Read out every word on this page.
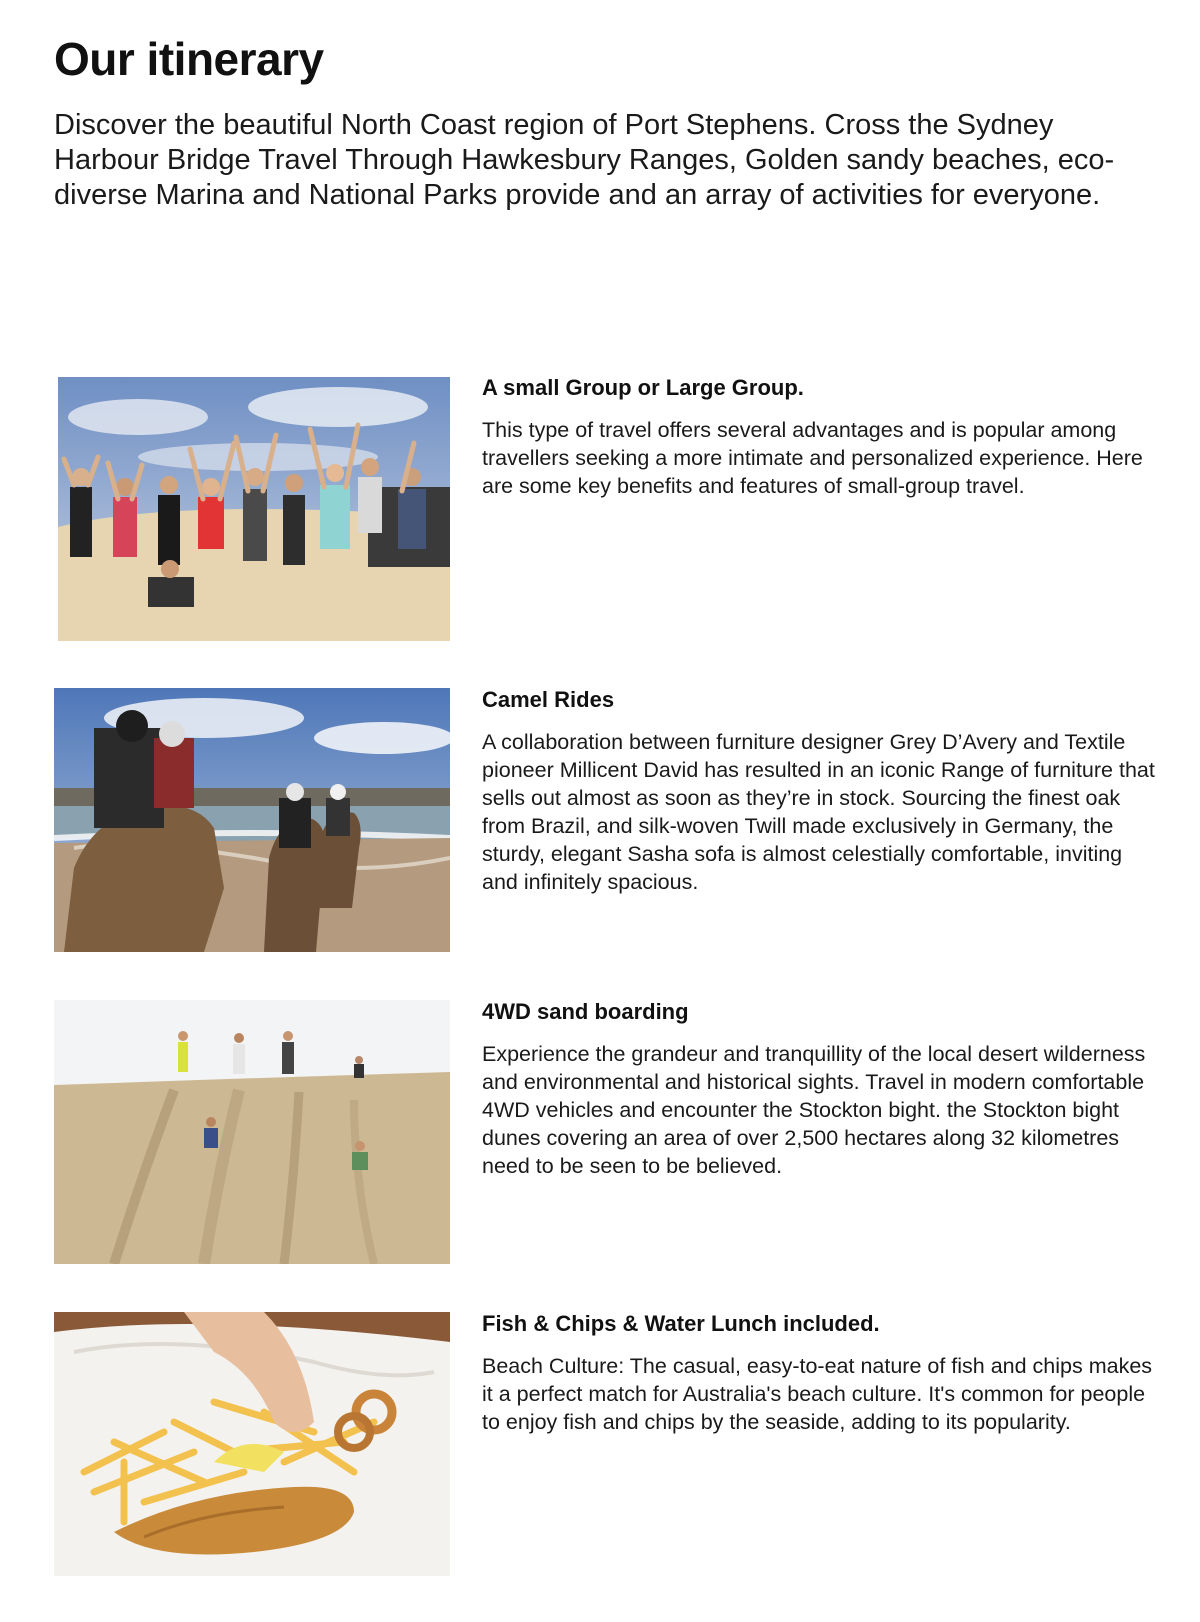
Our itinerary

Discover the beautiful North Coast region of Port Stephens. Cross the Sydney Harbour Bridge Travel Through Hawkesbury Ranges, Golden sandy beaches, eco-diverse Marina and National Parks provide and an array of activities for everyone.

A small Group or Large Group.

This type of travel offers several advantages and is popular among travellers seeking a more intimate and personalized experience. Here are some key benefits and features of small-group travel.

Camel Rides

A collaboration between furniture designer Grey D’Avery and Textile pioneer Millicent David has resulted in an iconic Range of furniture that sells out almost as soon as they’re in stock. Sourcing the finest oak from Brazil, and silk-woven Twill made exclusively in Germany, the sturdy, elegant Sasha sofa is almost celestially comfortable, inviting and infinitely spacious.

4WD sand boarding

Experience the grandeur and tranquillity of the local desert wilderness and environmental and historical sights. Travel in modern comfortable 4WD vehicles and encounter the Stockton bight. the Stockton bight dunes covering an area of over 2,500 hectares along 32 kilometres need to be seen to be believed.

Fish & Chips & Water Lunch included.

Beach Culture: The casual, easy-to-eat nature of fish and chips makes it a perfect match for Australia's beach culture. It's common for people to enjoy fish and chips by the seaside, adding to its popularity.
